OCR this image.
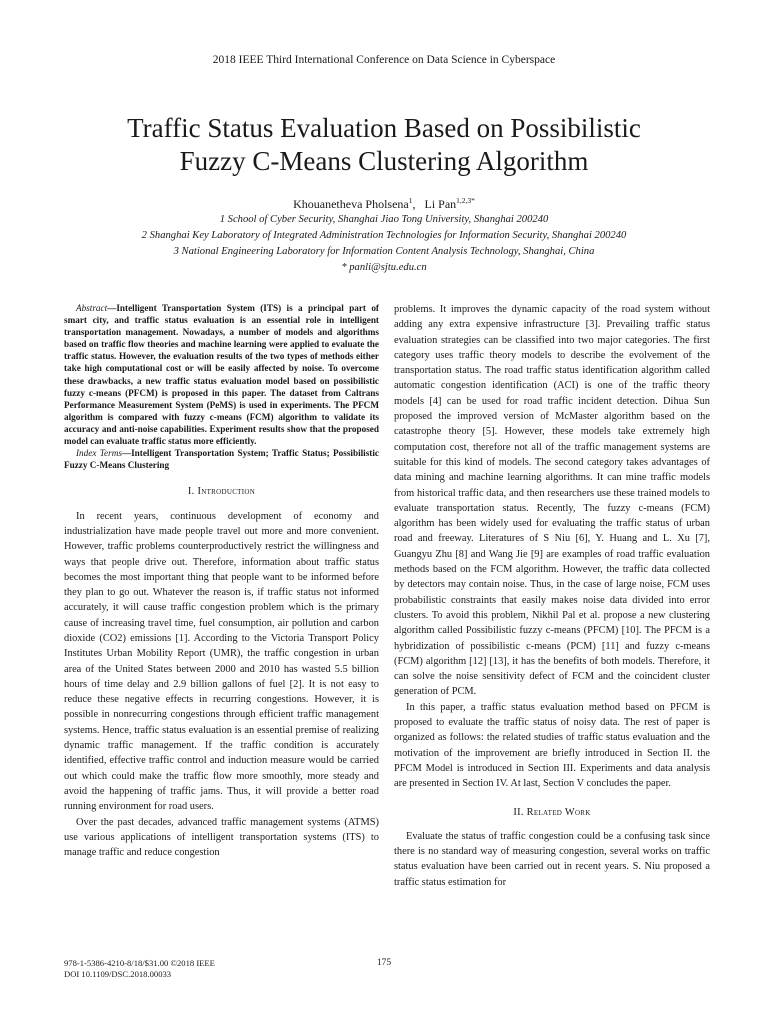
2018 IEEE Third International Conference on Data Science in Cyberspace
Traffic Status Evaluation Based on Possibilistic
Fuzzy C-Means Clustering Algorithm
Khouanetheva Pholsena$^1$, Li Pan$^{1,2,3*}$
1 School of Cyber Security, Shanghai Jiao Tong University, Shanghai 200240
2 Shanghai Key Laboratory of Integrated Administration Technologies for Information Security, Shanghai 200240
3 National Engineering Laboratory for Information Content Analysis Technology, Shanghai, China
* panli@sjtu.edu.cn

Abstract—Intelligent Transportation System (ITS) is a principal part of smart city, and traffic status evaluation is an essential role in intelligent transportation management. Nowadays, a number of models and algorithms based on traffic flow theories and machine learning were applied to evaluate the traffic status. However, the evaluation results of the two types of methods either take high computational cost or will be easily affected by noise. To overcome these drawbacks, a new traffic status evaluation model based on possibilistic fuzzy c-means (PFCM) is proposed in this paper. The dataset from Caltrans Performance Measurement System (PeMS) is used in experiments. The PFCM algorithm is compared with fuzzy c-means (FCM) algorithm to validate its accuracy and anti-noise capabilities. Experiment results show that the proposed model can evaluate traffic status more efficiently.

Index Terms—Intelligent Transportation System; Traffic Status; Possibilistic Fuzzy C-Means Clustering

I. Introduction

In recent years, continuous development of economy and industrialization have made people travel out more and more convenient. However, traffic problems counterproductively restrict the willingness and ways that people drive out. Therefore, information about traffic status becomes the most important thing that people want to be informed before they plan to go out. Whatever the reason is, if traffic status not informed accurately, it will cause traffic congestion problem which is the primary cause of increasing travel time, fuel consumption, air pollution and carbon dioxide (CO2) emissions [1]. According to the Victoria Transport Policy Institutes Urban Mobility Report (UMR), the traffic congestion in urban area of the United States between 2000 and 2010 has wasted 5.5 billion hours of time delay and 2.9 billion gallons of fuel [2]. It is not easy to reduce these negative effects in recurring congestions. However, it is possible in nonrecurring congestions through efficient traffic management systems. Hence, traffic status evaluation is an essential premise of realizing dynamic traffic management. If the traffic condition is accurately identified, effective traffic control and induction measure would be carried out which could make the traffic flow more smoothly, more steady and avoid the happening of traffic jams. Thus, it will provide a better road running environment for road users.

Over the past decades, advanced traffic management systems (ATMS) use various applications of intelligent transportation systems (ITS) to manage traffic and reduce congestion

problems. It improves the dynamic capacity of the road system without adding any extra expensive infrastructure [3]. Prevailing traffic status evaluation strategies can be classified into two major categories. The first category uses traffic theory models to describe the evolvement of the transportation status. The road traffic status identification algorithm called automatic congestion identification (ACI) is one of the traffic theory models [4] can be used for road traffic incident detection. Dihua Sun proposed the improved version of McMaster algorithm based on the catastrophe theory [5]. However, these models take extremely high computation cost, therefore not all of the traffic management systems are suitable for this kind of models. The second category takes advantages of data mining and machine learning algorithms. It can mine traffic models from historical traffic data, and then researchers use these trained models to evaluate transportation status. Recently, The fuzzy c-means (FCM) algorithm has been widely used for evaluating the traffic status of urban road and freeway. Literatures of S Niu [6], Y. Huang and L. Xu [7], Guangyu Zhu [8] and Wang Jie [9] are examples of road traffic evaluation methods based on the FCM algorithm. However, the traffic data collected by detectors may contain noise. Thus, in the case of large noise, FCM uses probabilistic constraints that easily makes noise data divided into error clusters. To avoid this problem, Nikhil Pal et al. propose a new clustering algorithm called Possibilistic fuzzy c-means (PFCM) [10]. The PFCM is a hybridization of possibilistic c-means (PCM) [11] and fuzzy c-means (FCM) algorithm [12] [13], it has the benefits of both models. Therefore, it can solve the noise sensitivity defect of FCM and the coincident cluster generation of PCM.

In this paper, a traffic status evaluation method based on PFCM is proposed to evaluate the traffic status of noisy data. The rest of paper is organized as follows: the related studies of traffic status evaluation and the motivation of the improvement are briefly introduced in Section II. the PFCM Model is introduced in Section III. Experiments and data analysis are presented in Section IV. At last, Section V concludes the paper.

II. Related Work

Evaluate the status of traffic congestion could be a confusing task since there is no standard way of measuring congestion, several works on traffic status evaluation have been carried out in recent years. S. Niu proposed a traffic status estimation for

978-1-5386-4210-8/18/$31.00 ©2018 IEEE
DOI 10.1109/DSC.2018.00033
175
